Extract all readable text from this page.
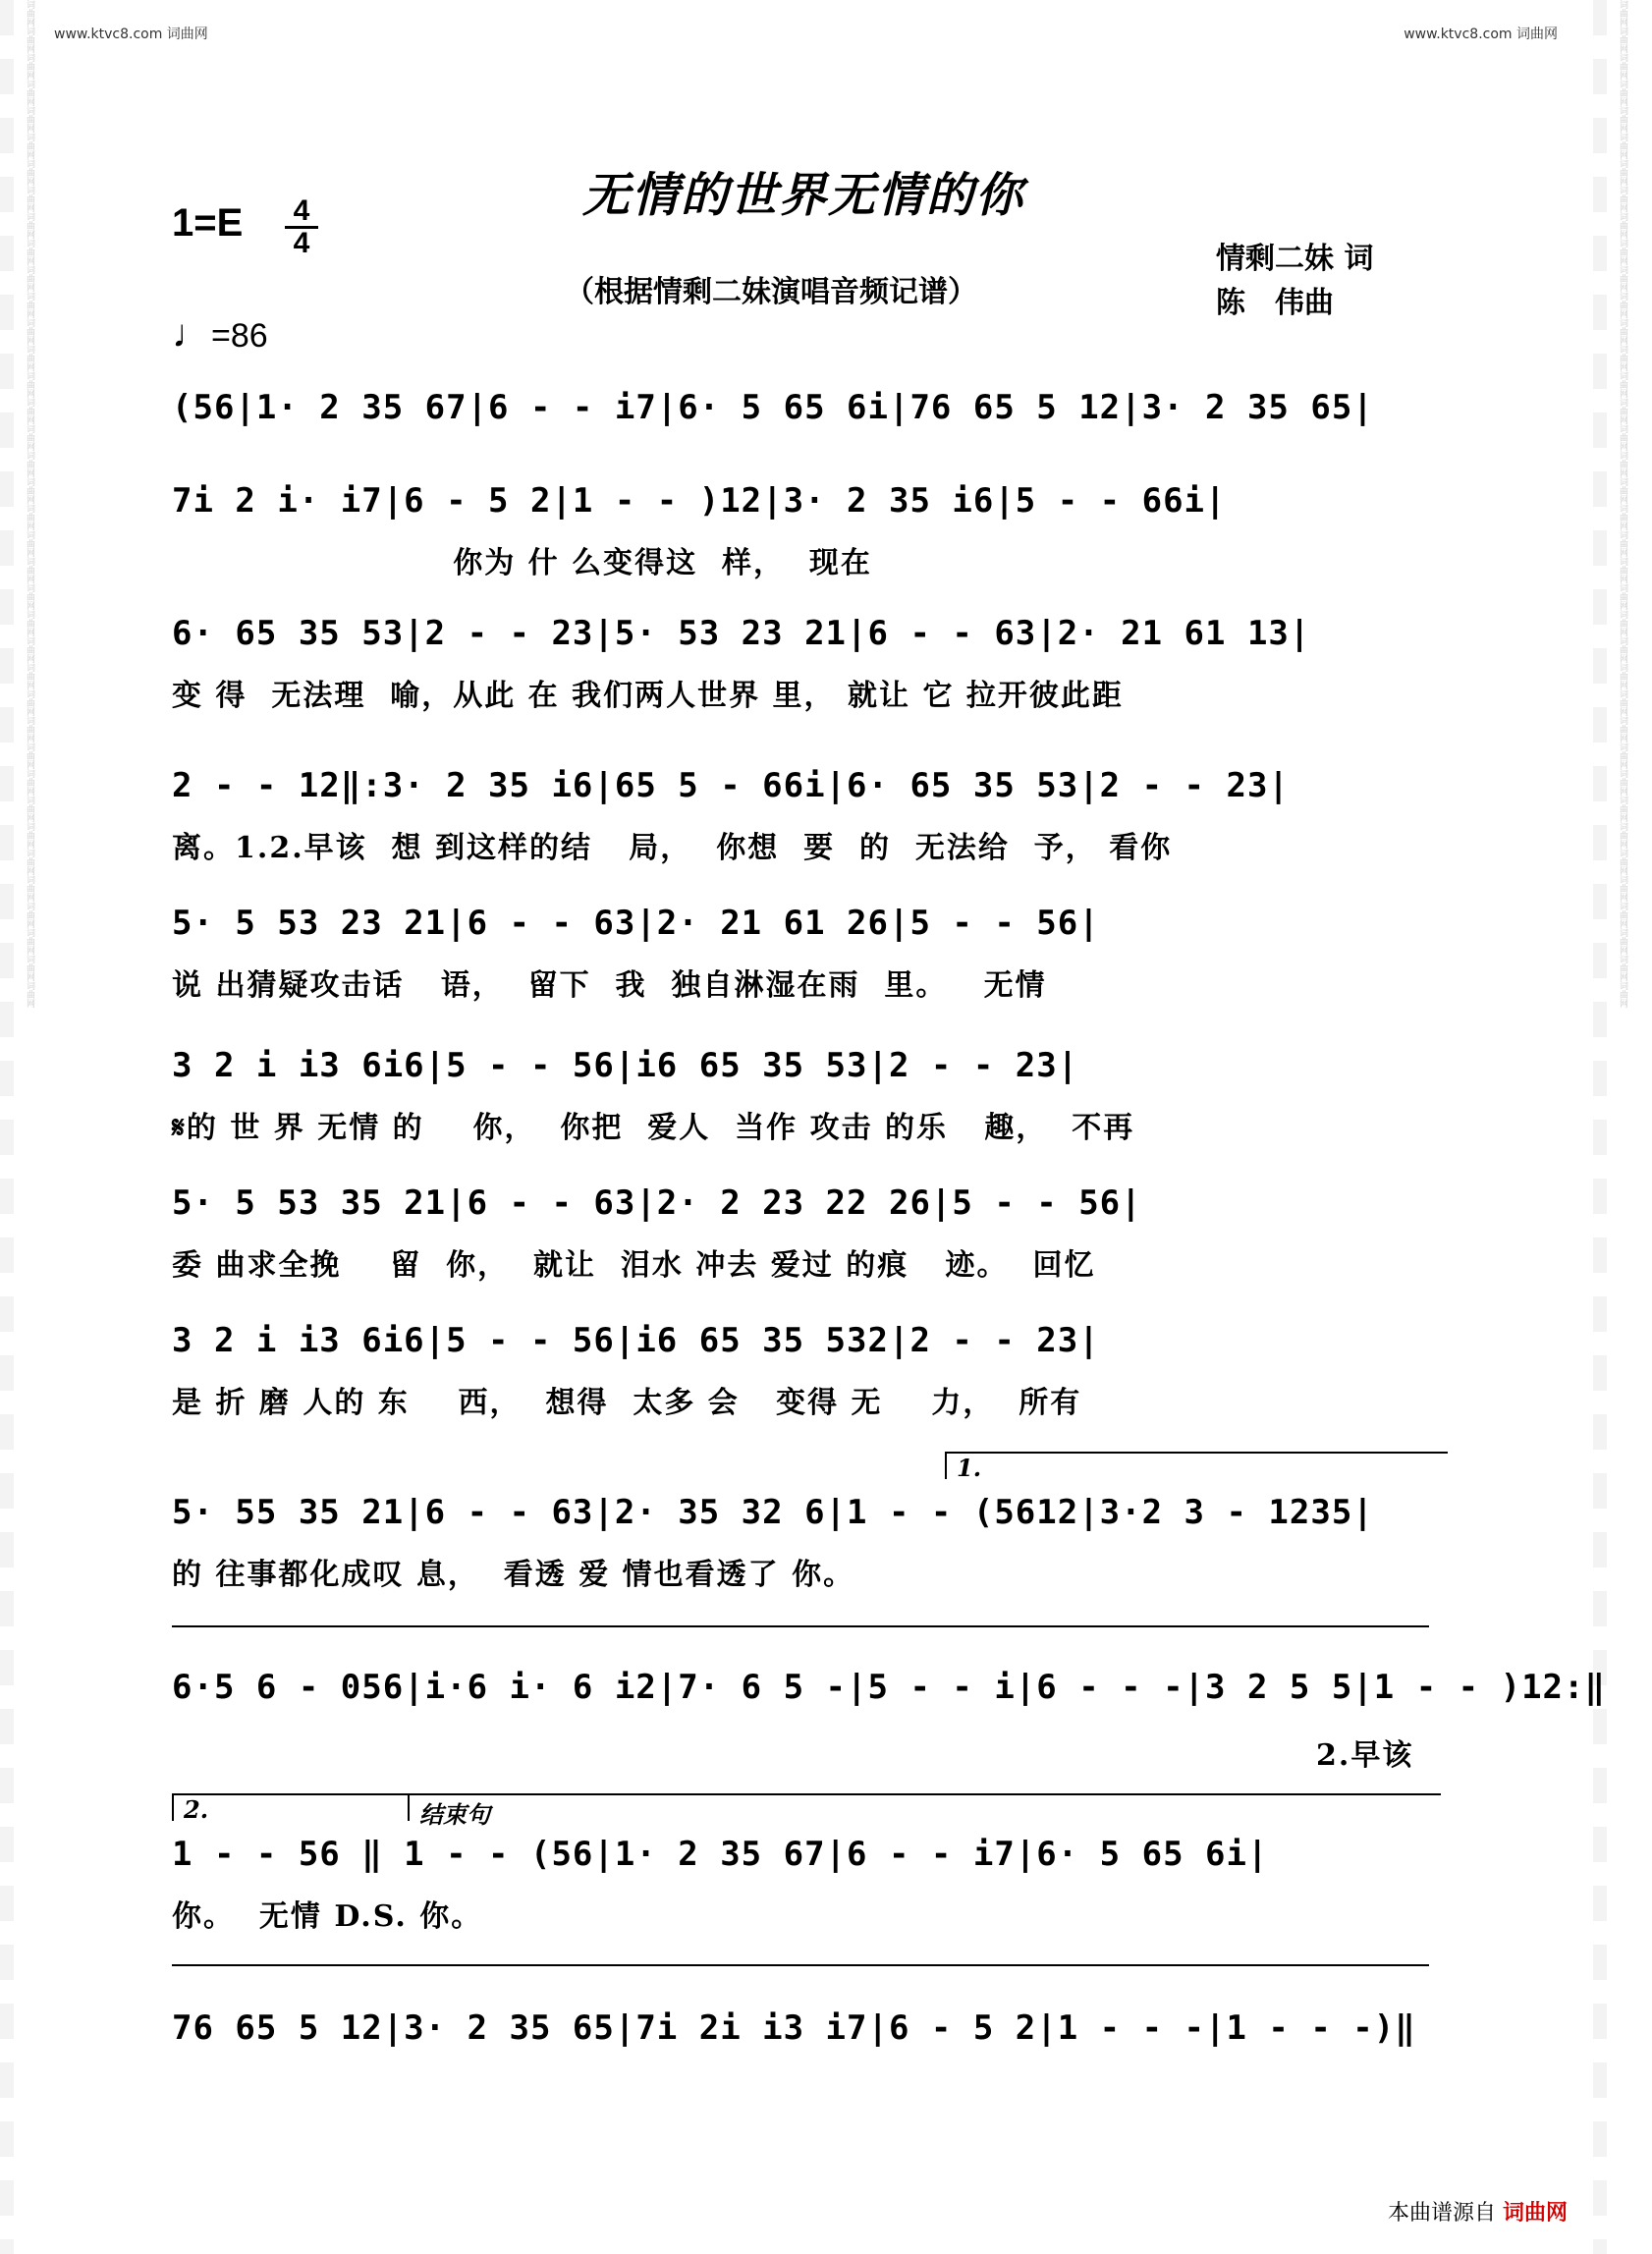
www.ktvc8.com 词曲网	www.ktvc8.com 词曲网
词曲网
词曲网
词曲网
词曲网
词曲网
词曲网
词曲网
词曲网
词曲网
词曲网
词曲网
词曲网
词曲网
词曲网
词曲网
词曲网
词曲网
词曲网
词曲网
词曲网
词曲网
词曲网
词曲网
词曲网
词曲网
词曲网
词曲网
词曲网
词曲网
词曲网
词曲网
词曲网
词曲网
词曲网
词曲网
词曲网
词曲网
词曲网
词曲网
词曲网
词曲网
词曲网
词曲网
词曲网
词曲网
词曲网
词曲网
词曲网
词曲网
词曲网
词曲网
词曲网
词曲网
词曲网
词曲网
词曲网
词曲网
词曲网
词曲网
词曲网
词曲网
词曲网
词曲网
词曲网
词曲网
词曲网
词曲网
词曲网
词曲网
词曲网
词曲网
词曲网
词曲网
词曲网
词曲网
词曲网
无情的世界无情的你
（根据情剩二妹演唱音频记谱）
1=E 4
4
♩=86
情剩二妹 词
陈　伟曲
(56|1· 2 35 67|6 - - i7|6· 5 65 6i|76 65 5 12|3· 2 35 65|
7i 2 i· i7|6 - 5 2|1 - - )12|3· 2 35 i6|5 - - 66i|
你为 什 么变得这  样，  现在
6· 65 35 53|2 - - 23|5· 53 23 21|6 - - 63|2· 21 61 13|
变 得  无法理  喻，从此 在 我们两人世界 里， 就让 它 拉开彼此距
2 - - 12‖:3· 2 35 i6|65 5 - 66i|6· 65 35 53|2 - - 23|
离。1.2.早该  想 到这样的结   局，  你想  要  的  无法给  予， 看你
5· 5 53 23 21|6 - - 63|2· 21 61 26|5 - - 56|
说 出猜疑攻击话   语，  留下  我  独自淋湿在雨  里。   无情
3 2 i i3 6i6|5 - - 56|i6 65 35 53|2 - - 23|
𝄋的 世 界 无情 的    你，  你把  爱人  当作 攻击 的乐   趣，  不再
5· 5 53 35 21|6 - - 63|2· 2 23 22 26|5 - - 56|
委 曲求全挽    留  你，  就让  泪水 冲去 爱过 的痕   迹。  回忆
3 2 i i3 6i6|5 - - 56|i6 65 35 532|2 - - 23|
是 折 磨 人的 东    西，  想得  太多 会   变得 无    力，  所有
1.
5· 55 35 21|6 - - 63|2· 35 32 6|1 - - (5612|3·2 3 - 1235|
的 往事都化成叹 息，  看透 爱 情也看透了 你。
6·5 6 - 056|i·6 i· 6 i2|7· 6 5 -|5 - - i|6 - - -|3 2 5 5|1 - - )12:‖
2.早该
2.	结束句
1 - - 56 ‖ 1 - - (56|1· 2 35 67|6 - - i7|6· 5 65 6i|
你。  无情 D.S. 你。
76 65 5 12|3· 2 35 65|7i 2i i3 i7|6 - 5 2|1 - - -|1 - - -)‖
本曲谱源自 词曲网
